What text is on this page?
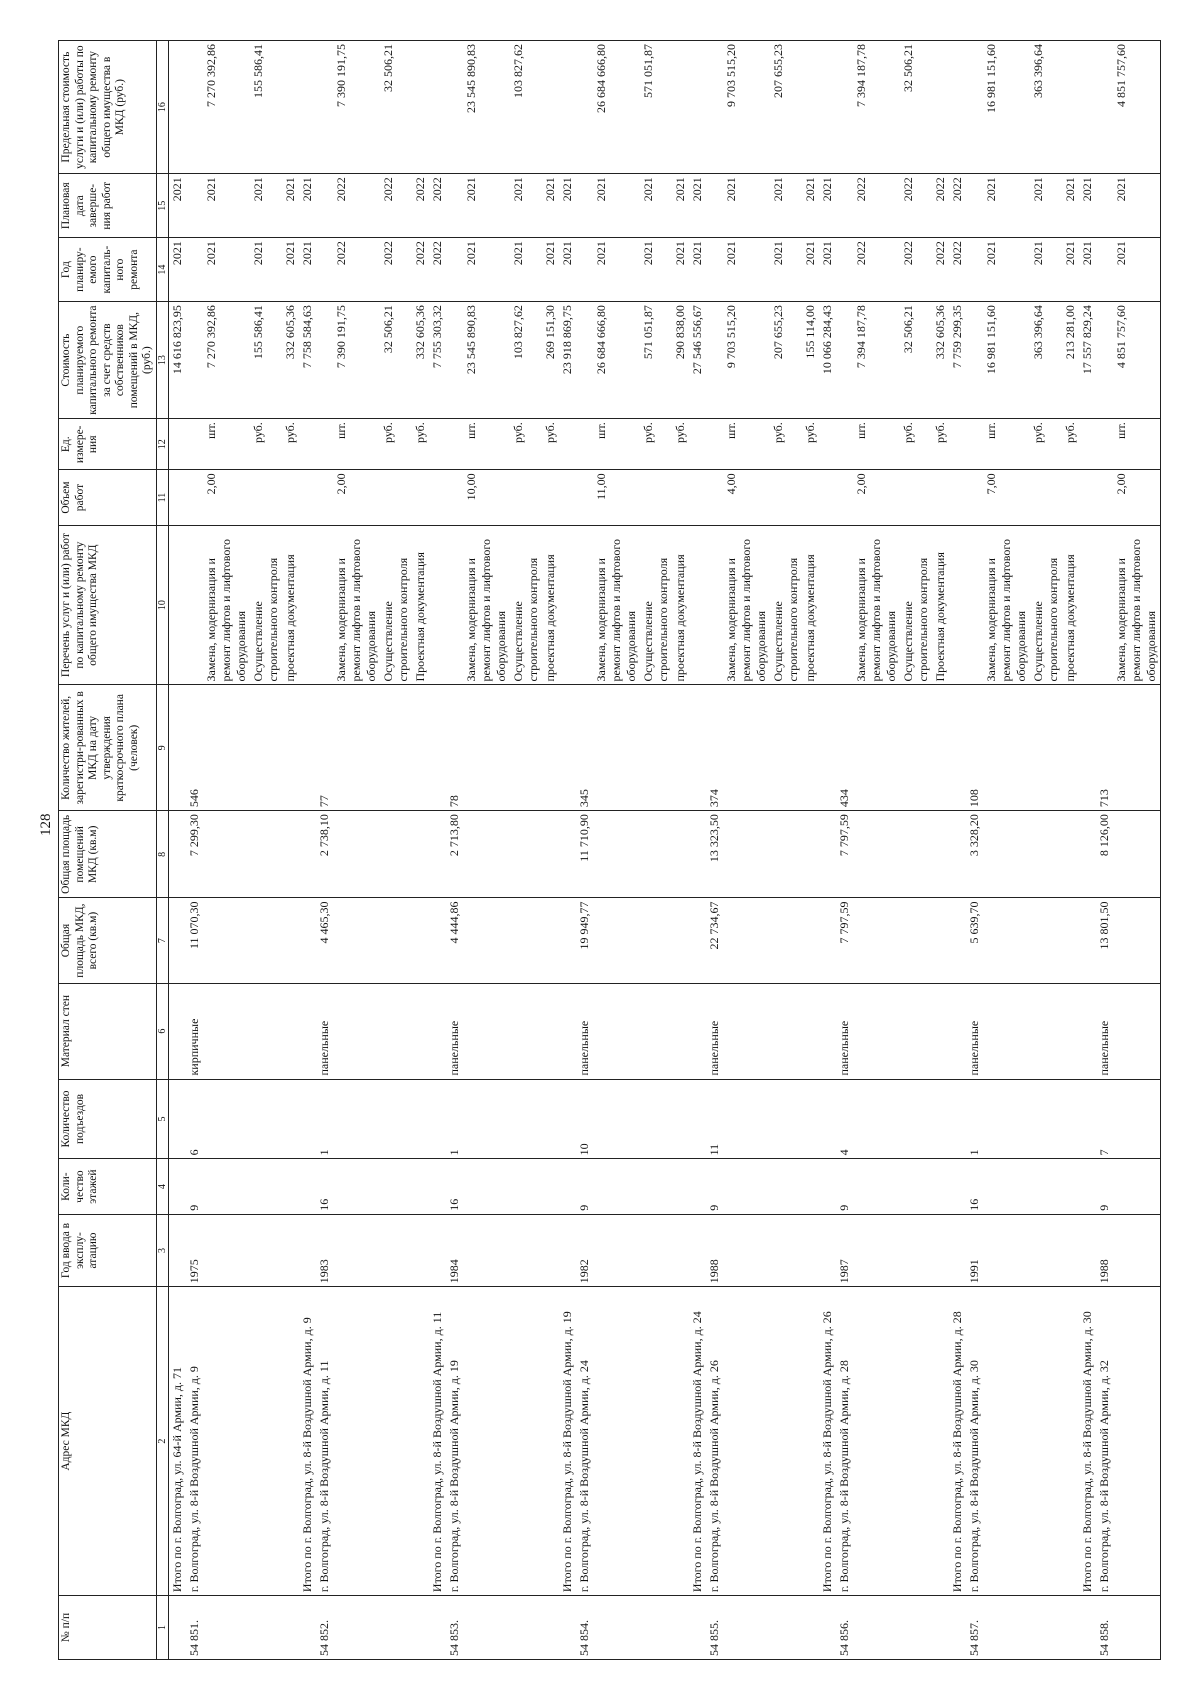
128
№ п/п	Адрес МКД	Год ввода в эксплу-атацию	Коли-чество этажей	Количество подъездов	Материал стен	Общая площадь МКД, всего (кв.м)	Общая площадь помещений МКД (кв.м)	Количество жителей, зарегистри-рованных в МКД на дату утверждения краткосрочного плана (человек)	Перечень услуг и (или) работ по капитальному ремонту общего имущества МКД	Объем работ	Ед. измере-ния	Стоимость планируемого капитального ремонта за счет средств собственников помещений в МКД, (руб.)	Год планиру-емого капиталь-ного ремонта	Плановая дата заверше-ния работ	Предельная стоимость услуги и (или) работы по капитальному ремонту общего имущества в МКД (руб.)
1	2	3	4	5	6	7	8	9	10	11	12	13	14	15	16
	Итого по г. Волгоград, ул. 64-й Армии, д. 71											14 616 823,95	2021	2021	
54 851.	г. Волгоград, ул. 8-й Воздушной Армии, д. 9	1975	9	6	кирпичные	11 070,30	7 299,30	546							
									Замена, модернизация и ремонт лифтов и лифтового оборудования	2,00	шт.	7 270 392,86	2021	2021	7 270 392,86
									Осуществление строительного контроля		руб.	155 586,41	2021	2021	155 586,41
									проектная документация		руб.	332 605,36	2021	2021	
	Итого по г. Волгоград, ул. 8-й Воздушной Армии, д. 9											7 758 584,63	2021	2021	
54 852.	г. Волгоград, ул. 8-й Воздушной Армии, д. 11	1983	16	1	панельные	4 465,30	2 738,10	77							
									Замена, модернизация и ремонт лифтов и лифтового оборудования	2,00	шт.	7 390 191,75	2022	2022	7 390 191,75
									Осуществление строительного контроля		руб.	32 506,21	2022	2022	32 506,21
									Проектная документация		руб.	332 605,36	2022	2022	
	Итого по г. Волгоград, ул. 8-й Воздушной Армии, д. 11											7 755 303,32	2022	2022	
54 853.	г. Волгоград, ул. 8-й Воздушной Армии, д. 19	1984	16	1	панельные	4 444,86	2 713,80	78							
									Замена, модернизация и ремонт лифтов и лифтового оборудования	10,00	шт.	23 545 890,83	2021	2021	23 545 890,83
									Осуществление строительного контроля		руб.	103 827,62	2021	2021	103 827,62
									проектная документация		руб.	269 151,30	2021	2021	
	Итого по г. Волгоград, ул. 8-й Воздушной Армии, д. 19											23 918 869,75	2021	2021	
54 854.	г. Волгоград, ул. 8-й Воздушной Армии, д. 24	1982	9	10	панельные	19 949,77	11 710,90	345							
									Замена, модернизация и ремонт лифтов и лифтового оборудования	11,00	шт.	26 684 666,80	2021	2021	26 684 666,80
									Осуществление строительного контроля		руб.	571 051,87	2021	2021	571 051,87
									проектная документация		руб.	290 838,00	2021	2021	
	Итого по г. Волгоград, ул. 8-й Воздушной Армии, д. 24											27 546 556,67	2021	2021	
54 855.	г. Волгоград, ул. 8-й Воздушной Армии, д. 26	1988	9	11	панельные	22 734,67	13 323,50	374							
									Замена, модернизация и ремонт лифтов и лифтового оборудования	4,00	шт.	9 703 515,20	2021	2021	9 703 515,20
									Осуществление строительного контроля		руб.	207 655,23	2021	2021	207 655,23
									проектная документация		руб.	155 114,00	2021	2021	
	Итого по г. Волгоград, ул. 8-й Воздушной Армии, д. 26											10 066 284,43	2021	2021	
54 856.	г. Волгоград, ул. 8-й Воздушной Армии, д. 28	1987	9	4	панельные	7 797,59	7 797,59	434							
									Замена, модернизация и ремонт лифтов и лифтового оборудования	2,00	шт.	7 394 187,78	2022	2022	7 394 187,78
									Осуществление строительного контроля		руб.	32 506,21	2022	2022	32 506,21
									Проектная документация		руб.	332 605,36	2022	2022	
	Итого по г. Волгоград, ул. 8-й Воздушной Армии, д. 28											7 759 299,35	2022	2022	
54 857.	г. Волгоград, ул. 8-й Воздушной Армии, д. 30	1991	16	1	панельные	5 639,70	3 328,20	108							
									Замена, модернизация и ремонт лифтов и лифтового оборудования	7,00	шт.	16 981 151,60	2021	2021	16 981 151,60
									Осуществление строительного контроля		руб.	363 396,64	2021	2021	363 396,64
									проектная документация		руб.	213 281,00	2021	2021	
	Итого по г. Волгоград, ул. 8-й Воздушной Армии, д. 30											17 557 829,24	2021	2021	
54 858.	г. Волгоград, ул. 8-й Воздушной Армии, д. 32	1988	9	7	панельные	13 801,50	8 126,00	713							
									Замена, модернизация и ремонт лифтов и лифтового оборудования	2,00	шт.	4 851 757,60	2021	2021	4 851 757,60
